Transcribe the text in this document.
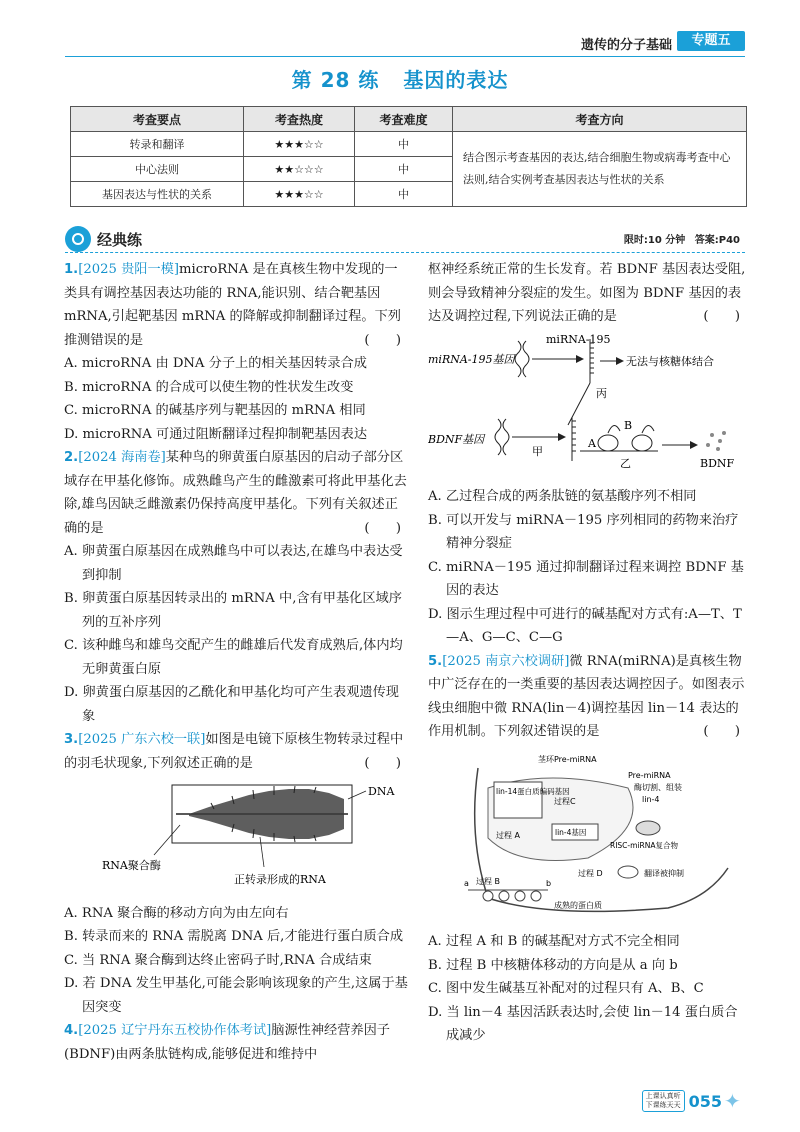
遗传的分子基础	专题五
第 28 练 基因的表达
考查要点	考查热度	考查难度	考查方向
转录和翻译	★★★☆☆	中	结合图示考查基因的表达,结合细胞生物或病毒考查中心法则,结合实例考查基因表达与性状的关系
中心法则	★★☆☆☆	中	
基因表达与性状的关系	★★★☆☆	中	
经典练	限时:10 分钟 答案:P40

1.[2025 贵阳一模]microRNA 是在真核生物中发现的一类具有调控基因表达功能的 RNA,能识别、结合靶基因 mRNA,引起靶基因 mRNA 的降解或抑制翻译过程。下列推测错误的是	(　　)

A. microRNA 由 DNA 分子上的相关基因转录合成

B. microRNA 的合成可以使生物的性状发生改变

C. microRNA 的碱基序列与靶基因的 mRNA 相同

D. microRNA 可通过阻断翻译过程抑制靶基因表达

2.[2024 海南卷]某种鸟的卵黄蛋白原基因的启动子部分区域存在甲基化修饰。成熟雌鸟产生的雌激素可将此甲基化去除,雄鸟因缺乏雌激素仍保持高度甲基化。下列有关叙述正确的是	(　　)

A. 卵黄蛋白原基因在成熟雌鸟中可以表达,在雄鸟中表达受到抑制

B. 卵黄蛋白原基因转录出的 mRNA 中,含有甲基化区域序列的互补序列

C. 该种雌鸟和雄鸟交配产生的雌雄后代发育成熟后,体内均无卵黄蛋白原

D. 卵黄蛋白原基因的乙酰化和甲基化均可产生表观遗传现象

3.[2025 广东六校一联]如图是电镜下原核生物转录过程中的羽毛状现象,下列叙述正确的是	(　　)

DNA
RNA聚合酶
正转录形成的RNA

A. RNA 聚合酶的移动方向为由左向右

B. 转录而来的 RNA 需脱离 DNA 后,才能进行蛋白质合成

C. 当 RNA 聚合酶到达终止密码子时,RNA 合成结束

D. 若 DNA 发生甲基化,可能会影响该现象的产生,这属于基因突变

4.[2025 辽宁丹东五校协作体考试]脑源性神经营养因子(BDNF)由两条肽链构成,能够促进和维持中

枢神经系统正常的生长发育。若 BDNF 基因表达受阻,则会导致精神分裂症的发生。如图为 BDNF 基因的表达及调控过程,下列说法正确的是	(　　)

miRNA-195基因
miRNA-195
无法与核糖体结合
丙
BDNF基因
甲
B
A
乙	BDNF

A. 乙过程合成的两条肽链的氨基酸序列不相同

B. 可以开发与 miRNA－195 序列相同的药物来治疗精神分裂症

C. miRNA－195 通过抑制翻译过程来调控 BDNF 基因的表达

D. 图示生理过程中可进行的碱基配对方式有:A—T、T—A、G—C、C—G

5.[2025 南京六校调研]微 RNA(miRNA)是真核生物中广泛存在的一类重要的基因表达调控因子。如图表示线虫细胞中微 RNA(lin－4)调控基因 lin－14 表达的作用机制。下列叙述错误的是	(　　)

茎环Pre-miRNA
Pre-miRNA
酶切割、组装
lin-4
lin-14蛋白质编码基因
过程C
lin-4基因
过程 A
RISC-miRNA复合物
过程 D	翻译被抑制
a 过程 B	b
成熟的蛋白质

A. 过程 A 和 B 的碱基配对方式不完全相同

B. 过程 B 中核糖体移动的方向是从 a 向 b

C. 图中发生碱基互补配对的过程只有 A、B、C

D. 当 lin－4 基因活跃表达时,会使 lin－14 蛋白质合成减少

上课认真听
下课练天天 055 ✦
